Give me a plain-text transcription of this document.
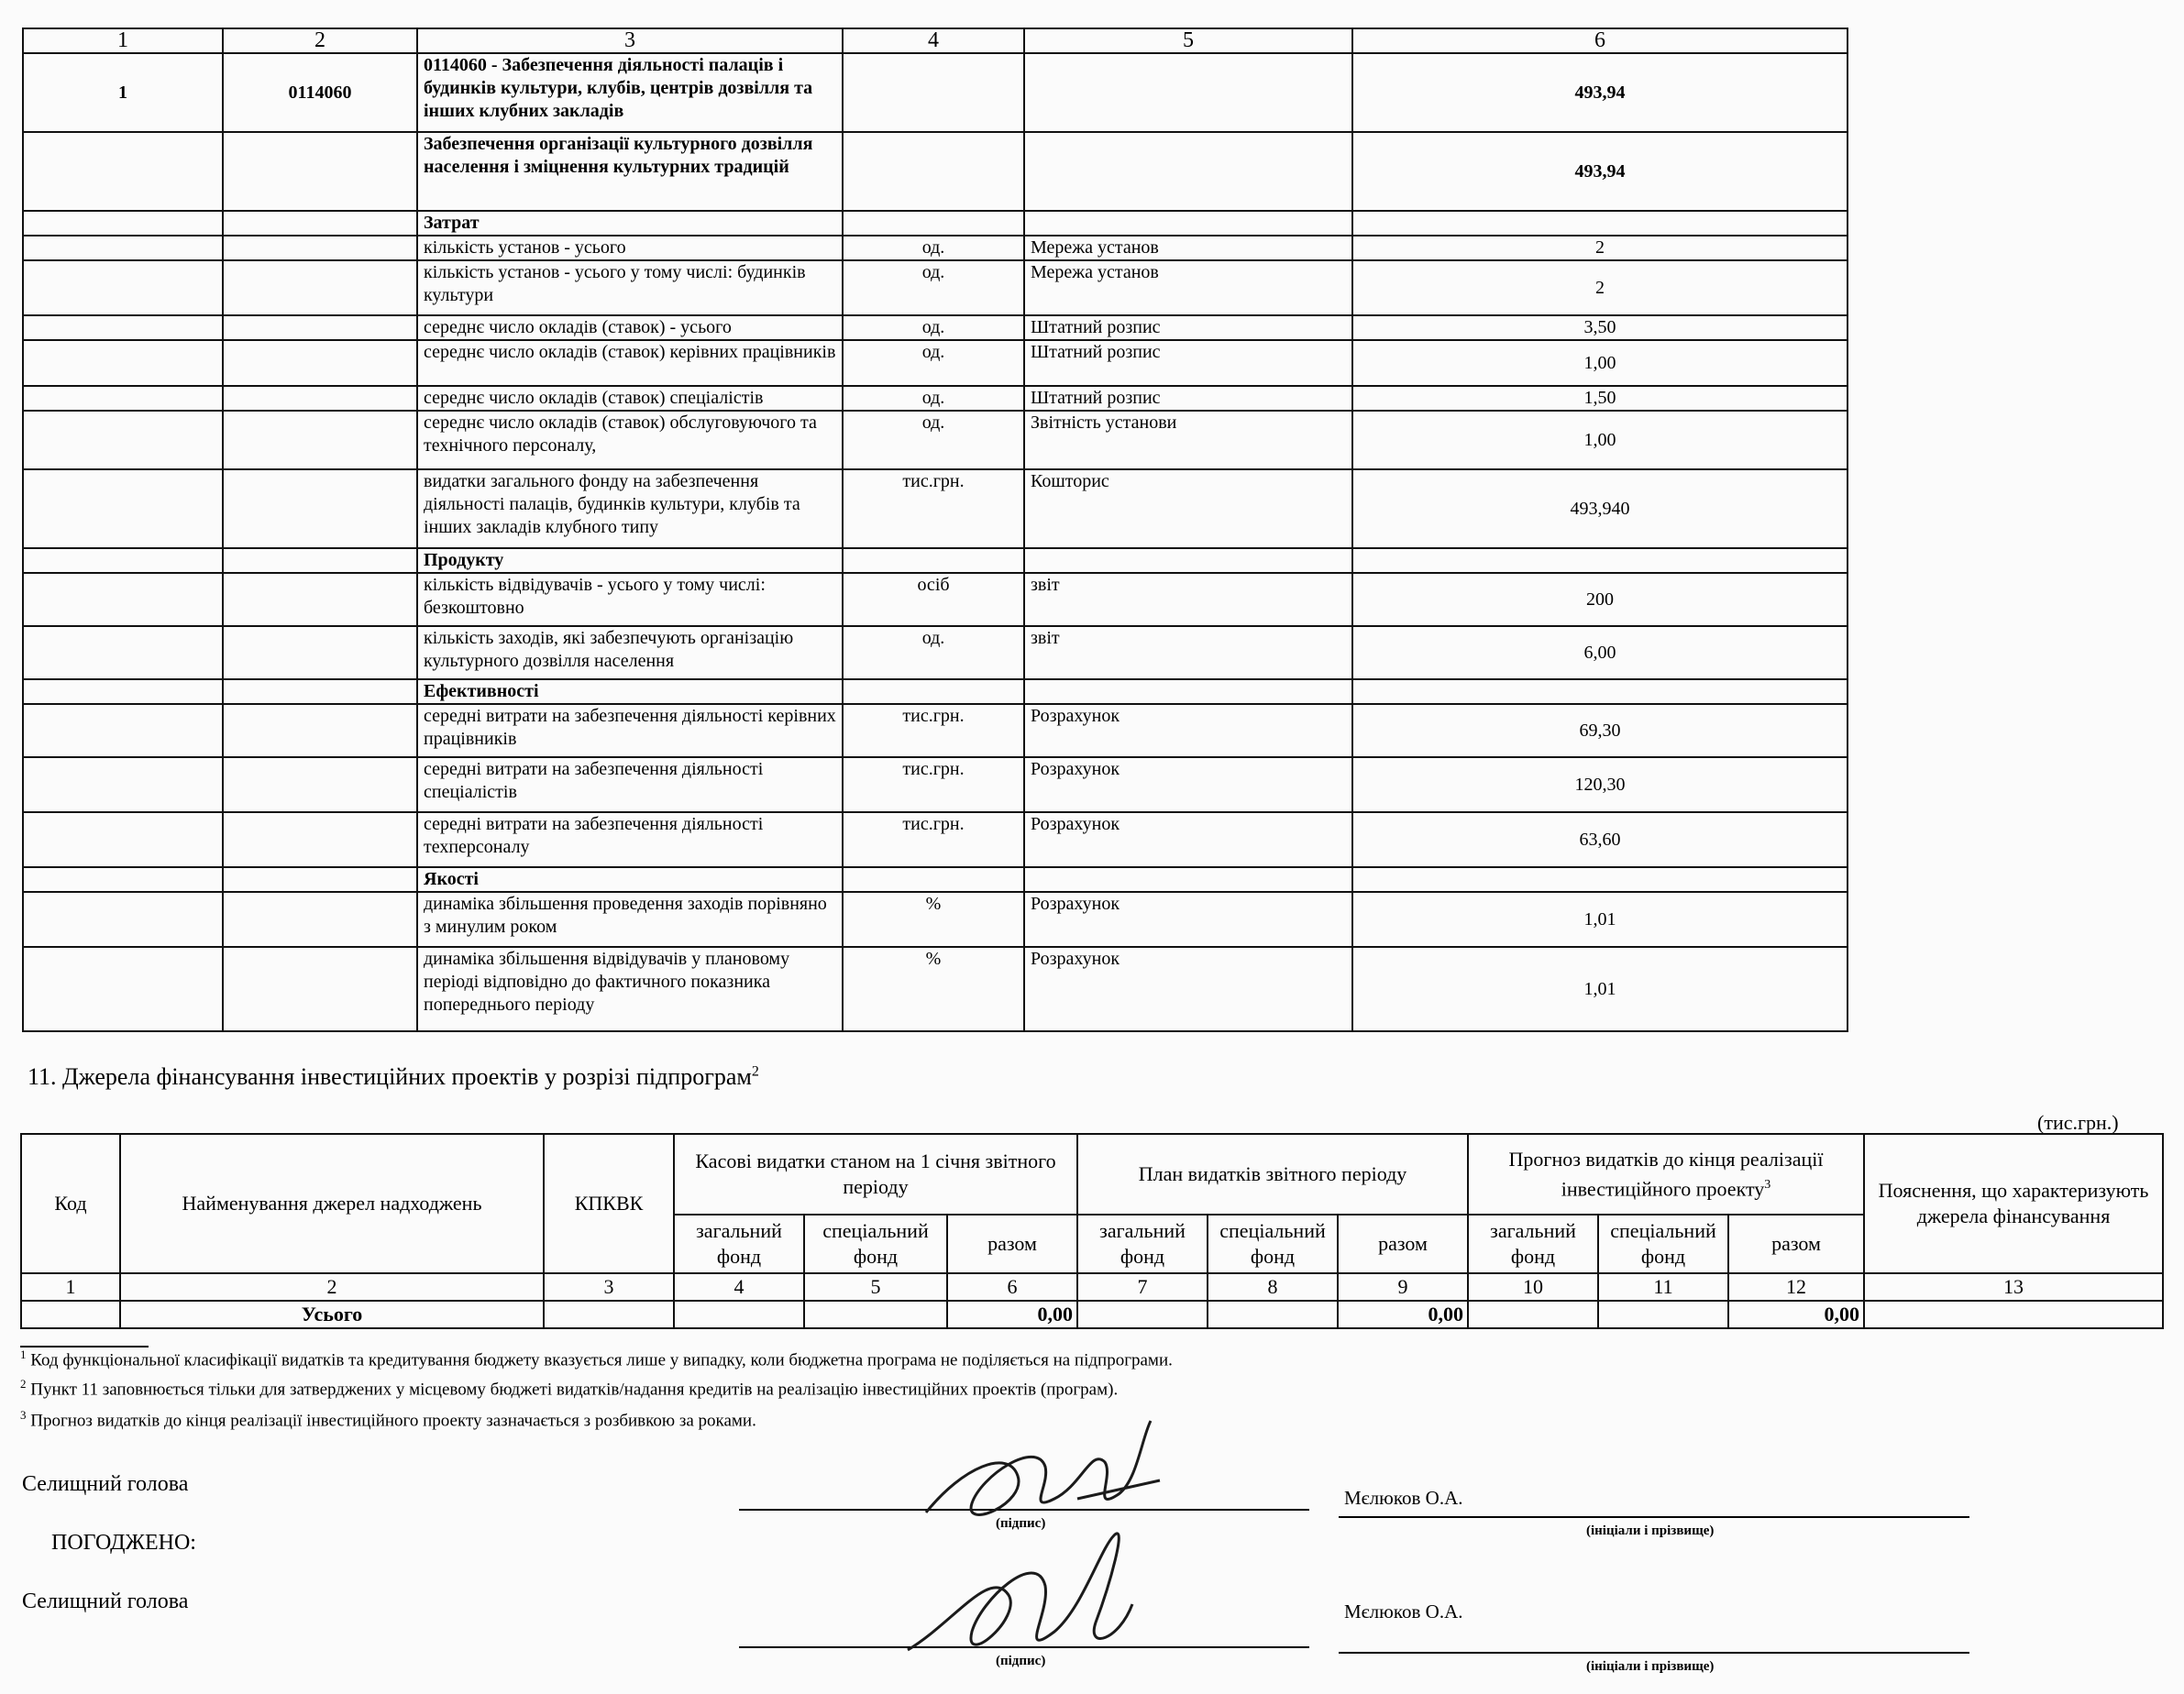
1	2	3	4	5	6
1	0114060	0114060 - Забезпечення діяльності палаців і будинків культури, клубів, центрів дозвілля та інших клубних закладів			493,94
		Забезпечення організації культурного дозвілля населення і зміцнення культурних традицій			493,94
		Затрат			
		кількість установ - усього	од.	Мережа установ	2
		кількість установ - усього у тому числі: будинків культури	од.	Мережа установ	2
		середнє число окладів (ставок) - усього	од.	Штатний розпис	3,50
		середнє число окладів (ставок) керівних працівників	од.	Штатний розпис	1,00
		середнє число окладів (ставок) спеціалістів	од.	Штатний розпис	1,50
		середнє число окладів (ставок) обслуговуючого та технічного персоналу,	од.	Звітність установи	1,00
		видатки загального фонду на забезпечення діяльності палаців, будинків культури, клубів та інших закладів клубного типу	тис.грн.	Кошторис	493,940
		Продукту			
		кількість відвідувачів - усього у тому числі: безкоштовно	осіб	звіт	200
		кількість заходів, які забезпечують організацію культурного дозвілля населення	од.	звіт	6,00
		Ефективності			
		середні витрати на забезпечення діяльності керівних працівників	тис.грн.	Розрахунок	69,30
		середні витрати на забезпечення діяльності спеціалістів	тис.грн.	Розрахунок	120,30
		середні витрати на забезпечення діяльності техперсоналу	тис.грн.	Розрахунок	63,60
		Якості			
		динаміка збільшення проведення заходів порівняно з минулим роком	%	Розрахунок	1,01
		динаміка збільшення відвідувачів у плановому періоді відповідно до фактичного показника попереднього періоду	%	Розрахунок	1,01
11. Джерела фінансування інвестиційних проектів у розрізі підпрограм$^2$
(тис.грн.)
Код	Найменування джерел надходжень	КПКВК	Касові видатки станом на 1 січня звітного періоду			План видатків звітного періоду			Прогноз видатків до кінця реалізації інвестиційного проекту$^3$			Пояснення, що характеризують джерела фінансування
			загальний фонд	спеціальний фонд	разом	загальний фонд	спеціальний фонд	разом	загальний фонд	спеціальний фонд	разом	
1	2	3	4	5	6	7	8	9	10	11	12	13
	Усього				0,00			0,00			0,00	
$^1$ Код функціональної класифікації видатків та кредитування бюджету вказується лише у випадку, коли бюджетна програма не поділяється на підпрограми.
$^2$ Пункт 11 заповнюється тільки для затверджених у місцевому бюджеті видатків/надання кредитів на реалізацію інвестиційних проектів (програм).
$^3$ Прогноз видатків до кінця реалізації інвестиційного проекту зазначається з розбивкою за роками.
Селищний голова
ПОГОДЖЕНО:
Селищний голова
(підпис)
Мєлюков О.А.
(ініціали і прізвище)
(підпис)
Мєлюков О.А.
(ініціали і прізвище)
